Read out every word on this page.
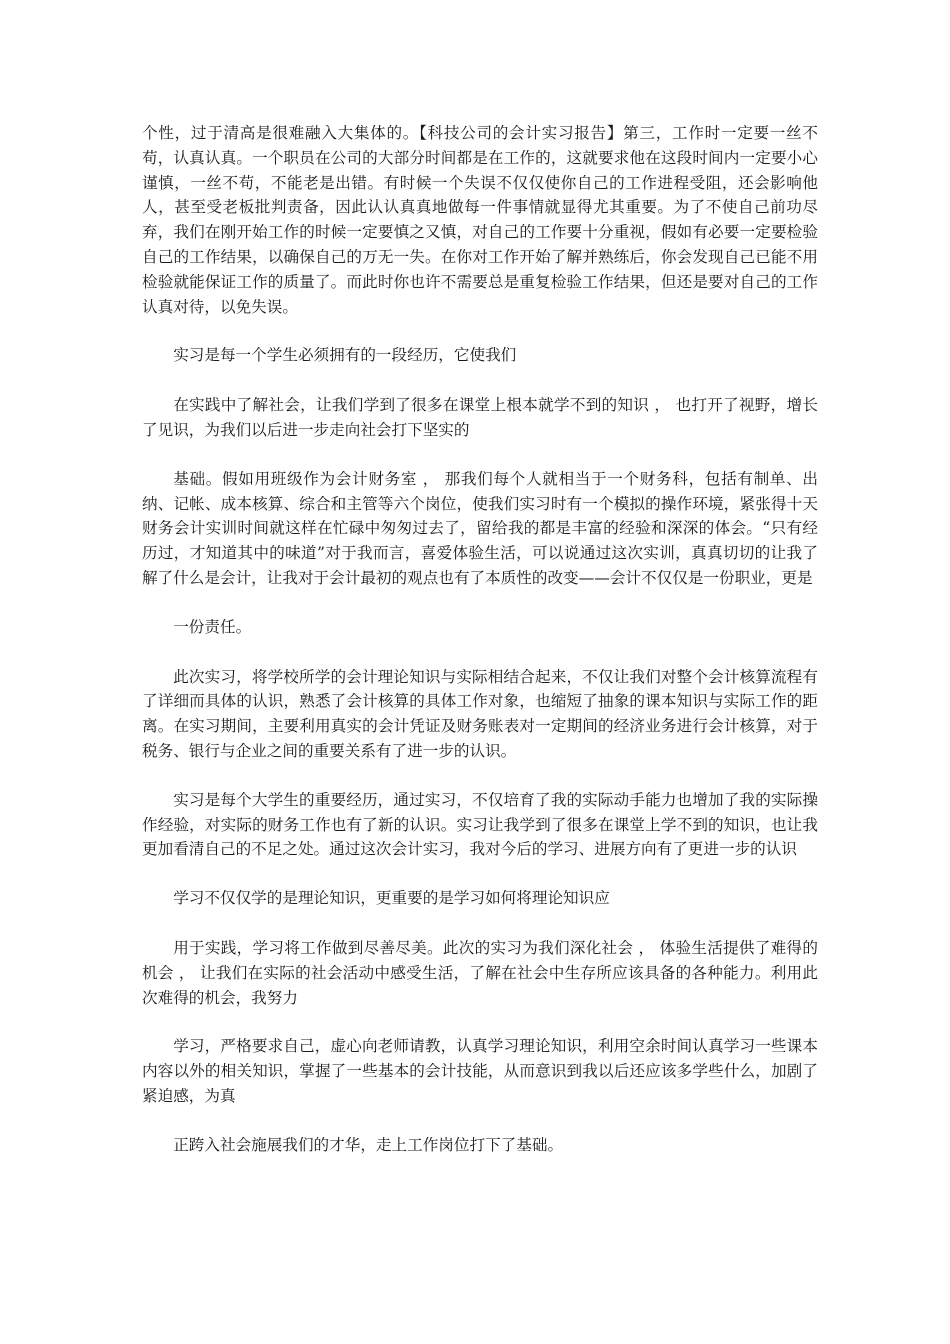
个性，过于清高是很难融入大集体的。【科技公司的会计实习报告】第三，工作时一定要一丝不苟，认真认真。一个职员在公司的大部分时间都是在工作的，这就要求他在这段时间内一定要小心谨慎，一丝不苟，不能老是出错。有时候一个失误不仅仅使你自己的工作进程受阻，还会影响他人，甚至受老板批判责备，因此认认真真地做每一件事情就显得尤其重要。为了不使自己前功尽弃，我们在刚开始工作的时候一定要慎之又慎，对自己的工作要十分重视，假如有必要一定要检验自己的工作结果，以确保自己的万无一失。在你对工作开始了解并熟练后，你会发现自己已能不用检验就能保证工作的质量了。而此时你也许不需要总是重复检验工作结果，但还是要对自己的工作认真对待，以免失误。

实习是每一个学生必须拥有的一段经历，它使我们

在实践中了解社会，让我们学到了很多在课堂上根本就学不到的知识 ， 也打开了视野，增长了见识，为我们以后进一步走向社会打下坚实的

基础。假如用班级作为会计财务室 ， 那我们每个人就相当于一个财务科，包括有制单、出纳、记帐、成本核算、综合和主管等六个岗位，使我们实习时有一个模拟的操作环境，紧张得十天财务会计实训时间就这样在忙碌中匆匆过去了，留给我的都是丰富的经验和深深的体会。“只有经历过，才知道其中的味道”对于我而言，喜爱体验生活，可以说通过这次实训，真真切切的让我了解了什么是会计，让我对于会计最初的观点也有了本质性的改变——会计不仅仅是一份职业，更是

一份责任。

此次实习，将学校所学的会计理论知识与实际相结合起来，不仅让我们对整个会计核算流程有了详细而具体的认识，熟悉了会计核算的具体工作对象，也缩短了抽象的课本知识与实际工作的距离。在实习期间，主要利用真实的会计凭证及财务账表对一定期间的经济业务进行会计核算，对于税务、银行与企业之间的重要关系有了进一步的认识。

实习是每个大学生的重要经历，通过实习，不仅培育了我的实际动手能力也增加了我的实际操作经验，对实际的财务工作也有了新的认识。实习让我学到了很多在课堂上学不到的知识，也让我更加看清自己的不足之处。通过这次会计实习，我对今后的学习、进展方向有了更进一步的认识

学习不仅仅学的是理论知识，更重要的是学习如何将理论知识应

用于实践，学习将工作做到尽善尽美。此次的实习为我们深化社会 ， 体验生活提供了难得的机会 ， 让我们在实际的社会活动中感受生活，了解在社会中生存所应该具备的各种能力。利用此次难得的机会，我努力

学习，严格要求自己，虚心向老师请教，认真学习理论知识，利用空余时间认真学习一些课本内容以外的相关知识，掌握了一些基本的会计技能，从而意识到我以后还应该多学些什么，加剧了紧迫感，为真

正跨入社会施展我们的才华，走上工作岗位打下了基础。
